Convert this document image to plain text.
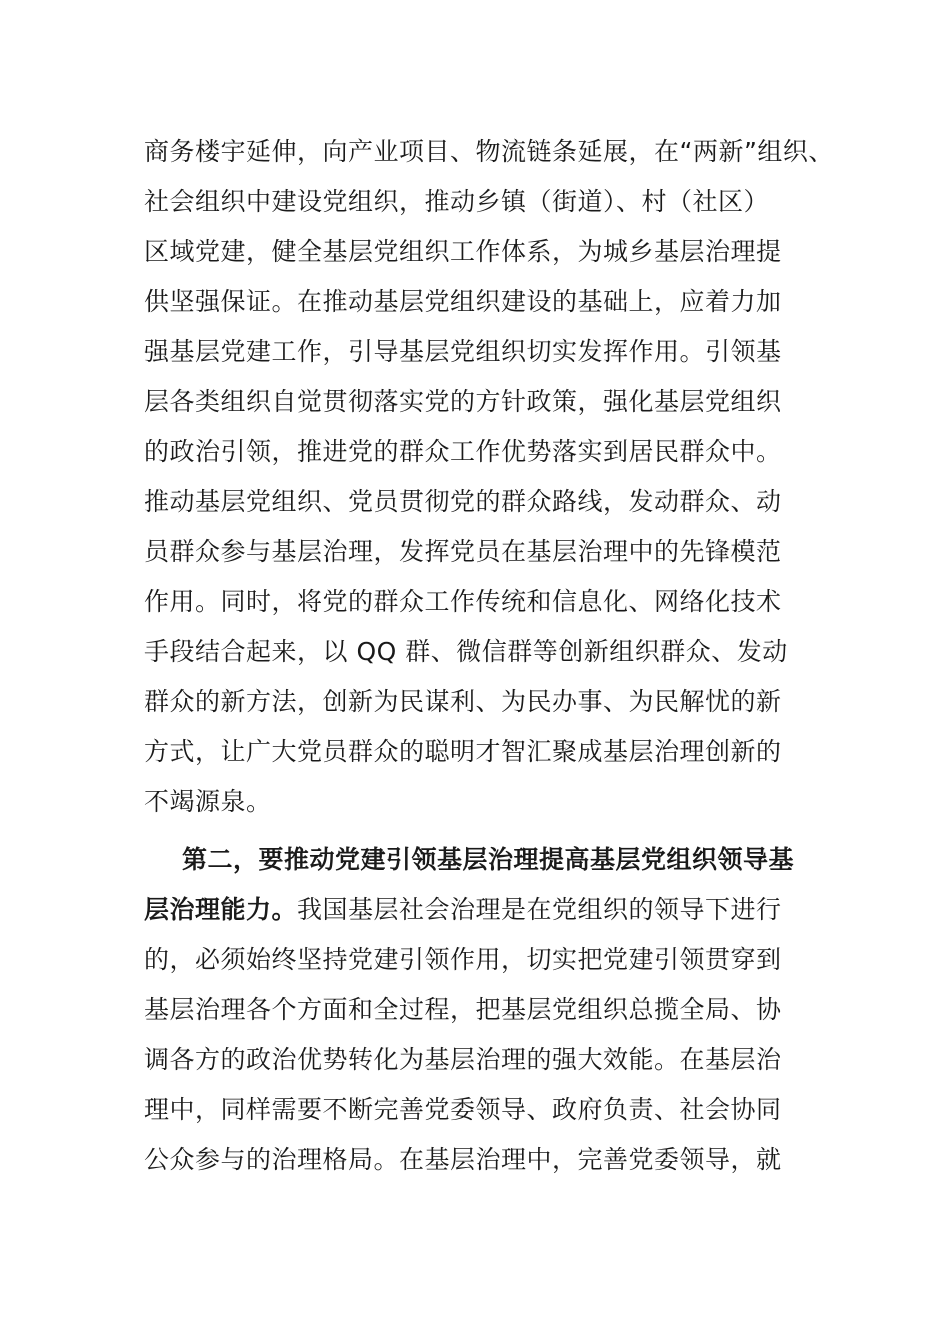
商务楼宇延伸，向产业项目、物流链条延展，在“两新”组织、
社会组织中建设党组织，推动乡镇（街道）、村（社区）
区域党建，健全基层党组织工作体系，为城乡基层治理提
供坚强保证。在推动基层党组织建设的基础上，应着力加
强基层党建工作，引导基层党组织切实发挥作用。引领基
层各类组织自觉贯彻落实党的方针政策，强化基层党组织
的政治引领，推进党的群众工作优势落实到居民群众中。
推动基层党组织、党员贯彻党的群众路线，发动群众、动
员群众参与基层治理，发挥党员在基层治理中的先锋模范
作用。同时，将党的群众工作传统和信息化、网络化技术
手段结合起来，以 QQ 群、微信群等创新组织群众、发动
群众的新方法，创新为民谋利、为民办事、为民解忧的新
方式，让广大党员群众的聪明才智汇聚成基层治理创新的
不竭源泉。
第二，要推动党建引领基层治理提高基层党组织领导基
层治理能力。我国基层社会治理是在党组织的领导下进行
的，必须始终坚持党建引领作用，切实把党建引领贯穿到
基层治理各个方面和全过程，把基层党组织总揽全局、协
调各方的政治优势转化为基层治理的强大效能。在基层治
理中，同样需要不断完善党委领导、政府负责、社会协同
公众参与的治理格局。在基层治理中，完善党委领导，就
